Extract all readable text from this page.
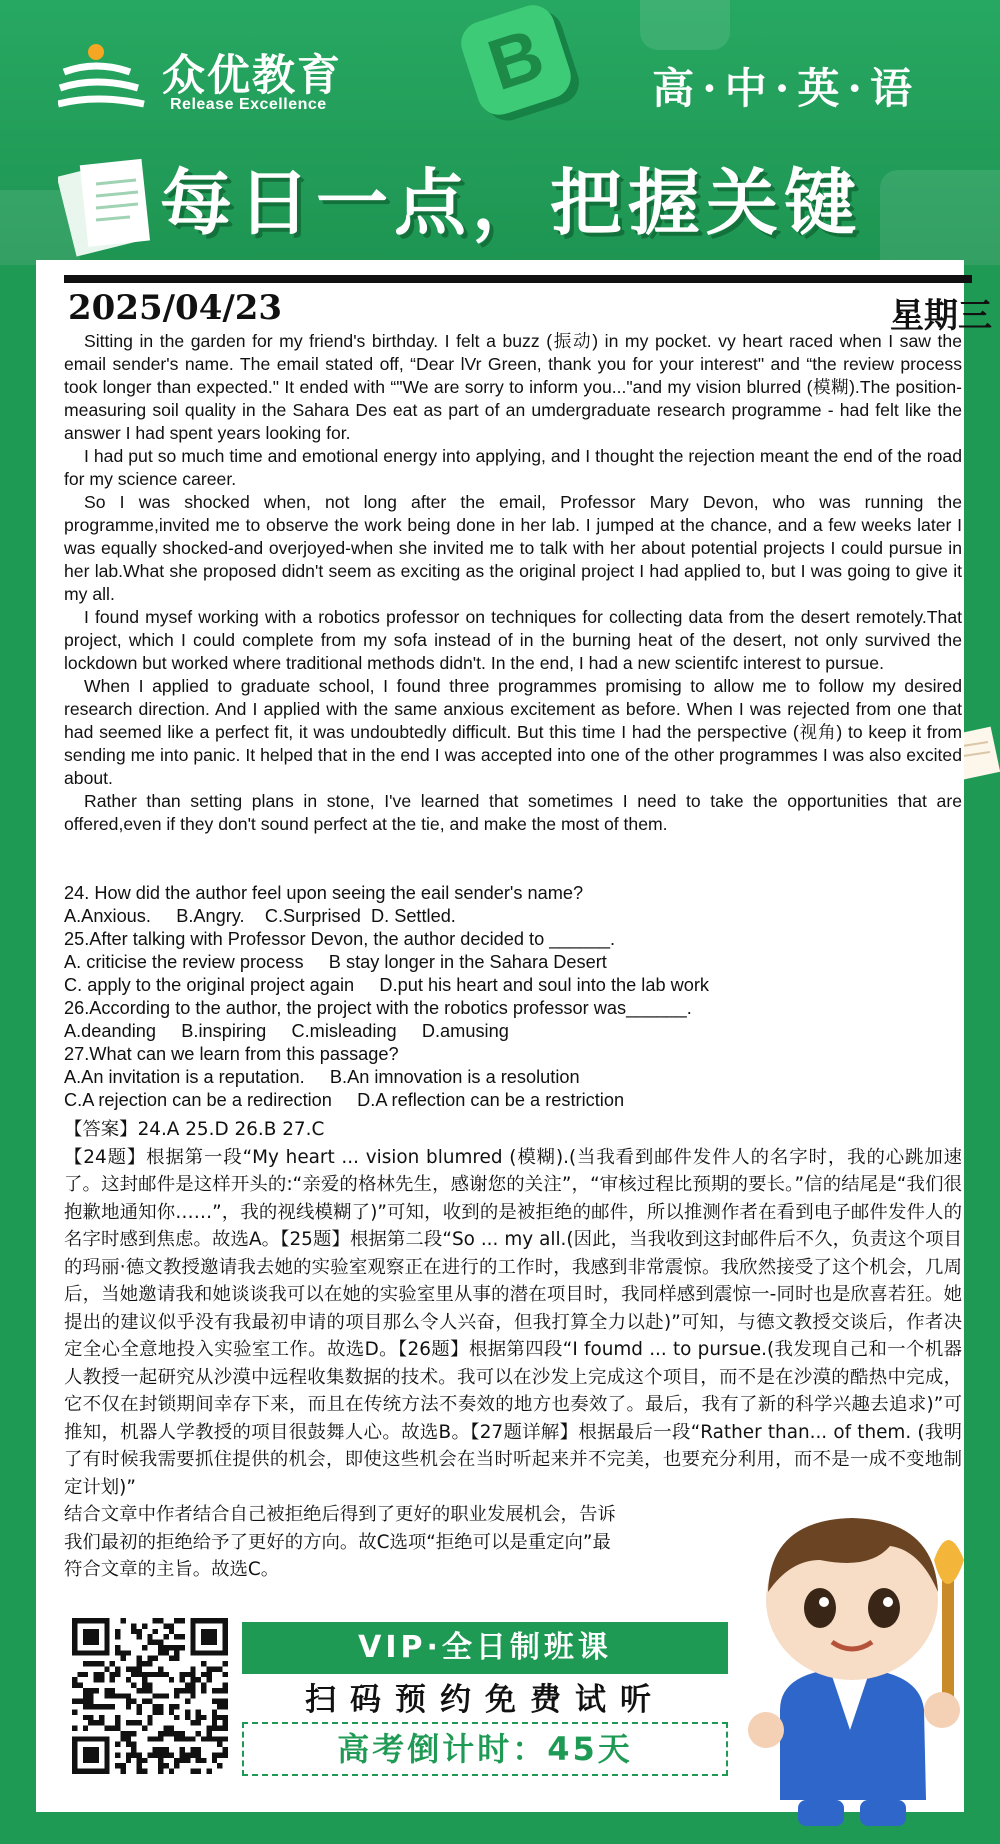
众优教育
Release Excellence	B	高·中·英·语
每日一点，把握关键
2025/04/23	星期三

Sitting in the garden for my friend's birthday. I felt a buzz (振动) in my pocket. vy heart raced when I saw the email sender's name. The email stated off, “Dear lVr Green, thank you for your interest" and “the review process took longer than expected." It ended with “"We are sorry to inform you..."and my vision blurred (模糊).The position-measuring soil quality in the Sahara Des eat as part of an umdergraduate research programme - had felt like the answer I had spent years looking for.

I had put so much time and emotional energy into applying, and I thought the rejection meant the end of the road for my science career.

So I was shocked when, not long after the email, Professor Mary Devon, who was running the programme,invited me to observe the work being done in her lab. I jumped at the chance, and a few weeks later I was equally shocked-and overjoyed-when she invited me to talk with her about potential projects I could pursue in her lab.What she proposed didn't seem as exciting as the original project I had applied to, but I was going to give it my all.

I found mysef working with a robotics professor on techniques for collecting data from the desert remotely.That project, which I could complete from my sofa instead of in the burning heat of the desert, not only survived the lockdown but worked where traditional methods didn't. In the end, I had a new scientifc interest to pursue.

When I applied to graduate school, I found three programmes promising to allow me to follow my desired research direction. And I applied with the same anxious excitement as before. When I was rejected from one that had seemed like a perfect fit, it was undoubtedly difficult. But this time I had the perspective (视角) to keep it from sending me into panic. It helped that in the end I was accepted into one of the other programmes I was also excited about.

Rather than setting plans in stone, I've learned that sometimes I need to take the opportunities that are offered,even if they don't sound perfect at the tie, and make the most of them.

24. How did the author feel upon seeing the eail sender's name?
A.Anxious.     B.Angry.    C.Surprised  D. Settled.
25.After talking with Professor Devon, the author decided to ______.
A. criticise the review process     B stay longer in the Sahara Desert
C. apply to the original project again     D.put his heart and soul into the lab work
26.According to the author, the project with the robotics professor was______.
A.deanding     B.inspiring     C.misleading     D.amusing
27.What can we learn from this passage?
A.An invitation is a reputation.     B.An imnovation is a resolution
C.A rejection can be a redirection     D.A reflection can be a restriction
【答案】24.A 25.D 26.B 27.C
【24题】根据第一段“My heart ... vision blumred (模糊).(当我看到邮件发件人的名字时，我的心跳加速了。这封邮件是这样开头的:“亲爱的格林先生，感谢您的关注”，“审核过程比预期的要长。”信的结尾是“我们很抱歉地通知你……”，我的视线模糊了)”可知，收到的是被拒绝的邮件，所以推测作者在看到电子邮件发件人的名字时感到焦虑。故选A。【25题】根据第二段“So ... my all.(因此，当我收到这封邮件后不久，负责这个项目的玛丽·德文教授邀请我去她的实验室观察正在进行的工作时，我感到非常震惊。我欣然接受了这个机会，几周后，当她邀请我和她谈谈我可以在她的实验室里从事的潜在项目时，我同样感到震惊一-同时也是欣喜若狂。她提出的建议似乎没有我最初申请的项目那么令人兴奋，但我打算全力以赴)”可知，与德文教授交谈后，作者决定全心全意地投入实验室工作。故选D。【26题】根据第四段“I foumd ... to pursue.(我发现自己和一个机器人教授一起研究从沙漠中远程收集数据的技术。我可以在沙发上完成这个项目，而不是在沙漠的酷热中完成，它不仅在封锁期间幸存下来，而且在传统方法不奏效的地方也奏效了。最后，我有了新的科学兴趣去追求)”可推知，机器人学教授的项目很鼓舞人心。故选B。【27题详解】根据最后一段“Rather than... of them. (我明了有时候我需要抓住提供的机会，即使这些机会在当时听起来并不完美，也要充分利用，而不是一成不变地制定计划)”
结合文章中作者结合自己被拒绝后得到了更好的职业发展机会，告诉
我们最初的拒绝给予了更好的方向。故C选项“拒绝可以是重定向”最
符合文章的主旨。故选C。
VIP·全日制班课
扫码预约免费试听
高考倒计时：45天
